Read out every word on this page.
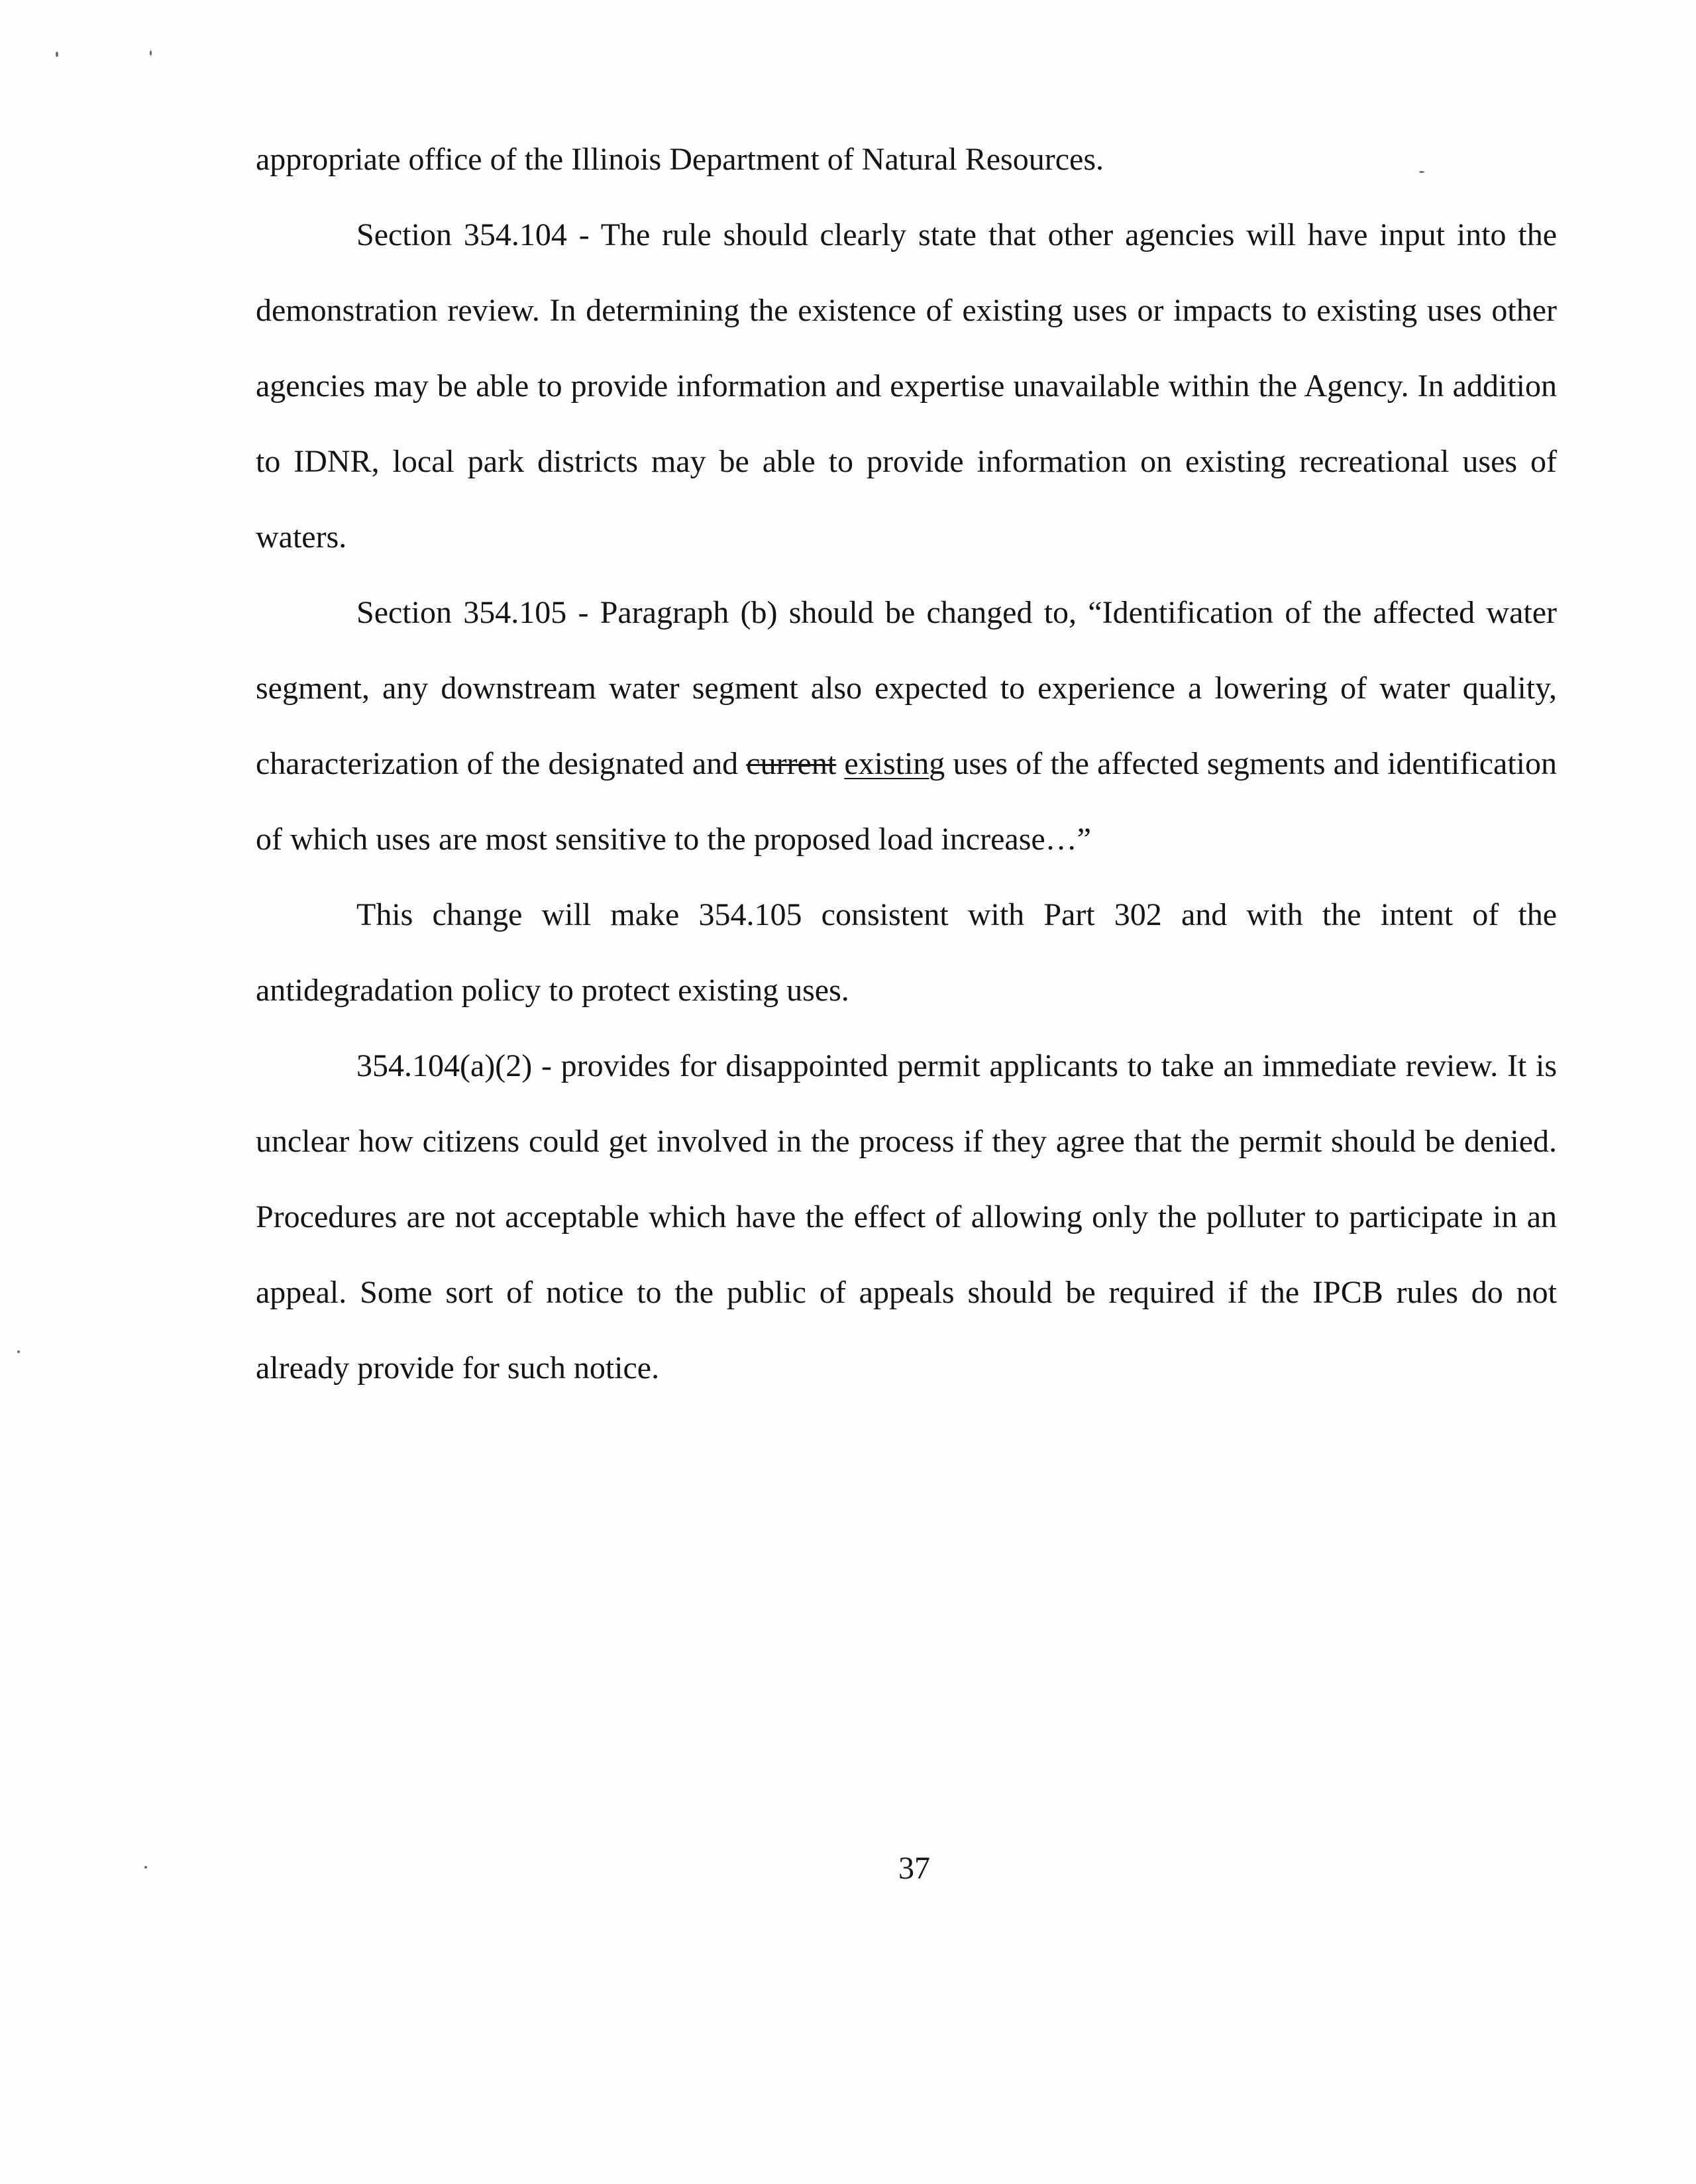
appropriate office of the Illinois Department of Natural Resources.

Section 354.104 - The rule should clearly state that other agencies will have input into the demonstration review. In determining the existence of existing uses or impacts to existing uses other agencies may be able to provide information and expertise unavailable within the Agency. In addition to IDNR, local park districts may be able to provide information on existing recreational uses of waters.

Section 354.105 - Paragraph (b) should be changed to, “Identification of the affected water segment, any downstream water segment also expected to experience a lowering of water quality, characterization of the designated and current existing uses of the affected segments and identification of which uses are most sensitive to the proposed load increase…”

This change will make 354.105 consistent with Part 302 and with the intent of the antidegradation policy to protect existing uses.

354.104(a)(2) - provides for disappointed permit applicants to take an immediate review. It is unclear how citizens could get involved in the process if they agree that the permit should be denied. Procedures are not acceptable which have the effect of allowing only the polluter to participate in an appeal. Some sort of notice to the public of appeals should be required if the IPCB rules do not already provide for such notice.

37
